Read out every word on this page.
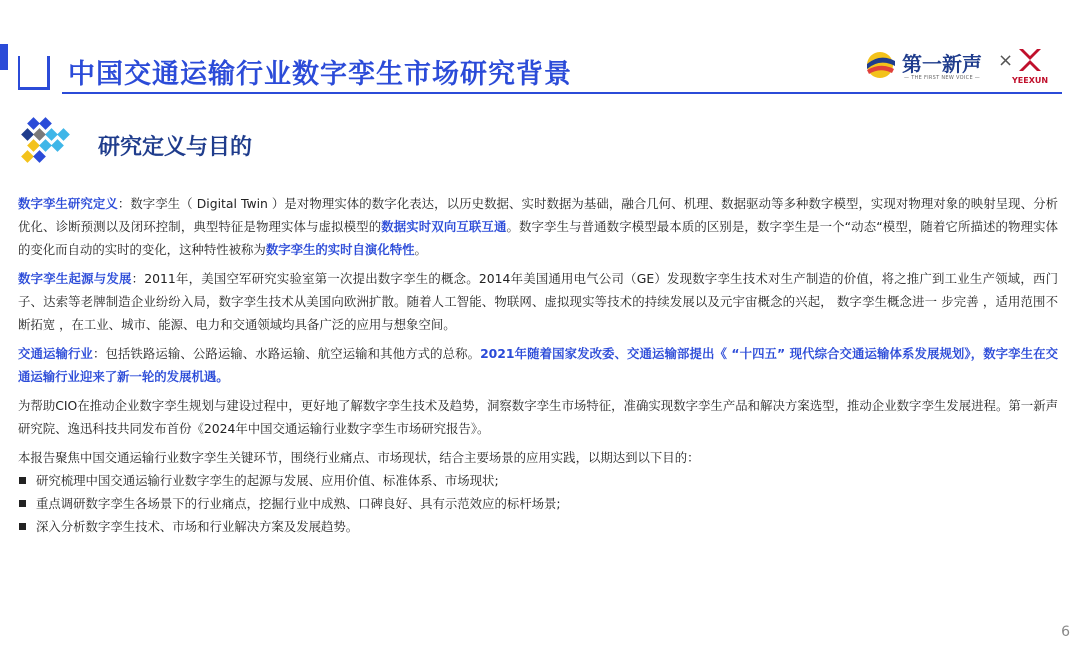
中国交通运输行业数字孪生市场研究背景	第一新声
— THE FIRST NEW VOICE —
×
YEEXUN
研究定义与目的

数字孪生研究定义：数字孪生（ Digital Twin ）是对物理实体的数字化表达，以历史数据、实时数据为基础，融合几何、机理、数据驱动等多种数字模型，实现对物理对象的映射呈现、分析优化、诊断预测以及闭环控制，典型特征是物理实体与虚拟模型的数据实时双向互联互通。数字孪生与普通数字模型最本质的区别是，数字孪生是一个“动态“模型，随着它所描述的物理实体的变化而自动的实时的变化，这种特性被称为数字孪生的实时自演化特性。

数字孪生起源与发展：2011年，美国空军研究实验室第一次提出数字孪生的概念。2014年美国通用电气公司（GE）发现数字孪生技术对生产制造的价值，将之推广到工业生产领域，西门子、达索等老牌制造企业纷纷入局，数字孪生技术从美国向欧洲扩散。随着人工智能、物联网、虚拟现实等技术的持续发展以及元宇宙概念的兴起， 数字孪生概念进一 步完善 ，适用范围不断拓宽 ，在工业、城市、能源、电力和交通领域均具备广泛的应用与想象空间。

交通运输行业：包括铁路运输、公路运输、水路运输、航空运输和其他方式的总称。2021年随着国家发改委、交通运输部提出《 “十四五” 现代综合交通运输体系发展规划》，数字孪生在交通运输行业迎来了新一轮的发展机遇。

为帮助CIO在推动企业数字孪生规划与建设过程中，更好地了解数字孪生技术及趋势，洞察数字孪生市场特征，准确实现数字孪生产品和解决方案选型，推动企业数字孪生发展进程。第一新声研究院、逸迅科技共同发布首份《2024年中国交通运输行业数字孪生市场研究报告》。

本报告聚焦中国交通运输行业数字孪生关键环节，围绕行业痛点、市场现状，结合主要场景的应用实践，以期达到以下目的：

研究梳理中国交通运输行业数字孪生的起源与发展、应用价值、标准体系、市场现状;
重点调研数字孪生各场景下的行业痛点，挖掘行业中成熟、口碑良好、具有示范效应的标杆场景;
深入分析数字孪生技术、市场和行业解决方案及发展趋势。
6
